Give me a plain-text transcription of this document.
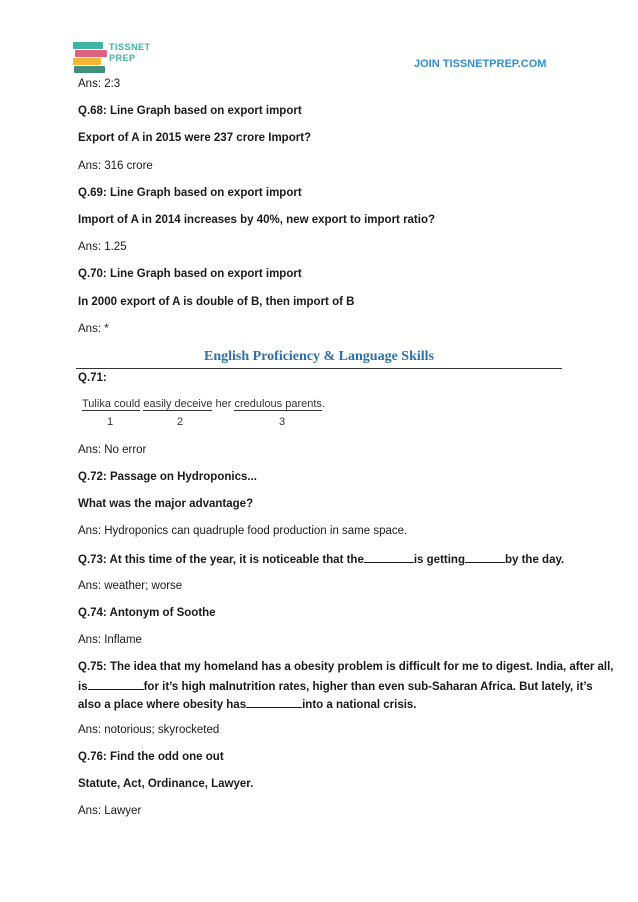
TISSNET
PREP	JOIN TISSNETPREP.COM
Ans: 2:3
Q.68: Line Graph based on export import
Export of A in 2015 were 237 crore Import?
Ans: 316 crore
Q.69: Line Graph based on export import
Import of A in 2014 increases by 40%, new export to import ratio?
Ans: 1.25
Q.70: Line Graph based on export import
In 2000 export of A is double of B, then import of B
Ans: *
English Proficiency & Language Skills
Q.71:
Tulika could easily deceive her credulous parents.
1	2	3
Ans: No error
Q.72: Passage on Hydroponics...
What was the major advantage?
Ans: Hydroponics can quadruple food production in same space.
Q.73: At this time of the year, it is noticeable that the	is getting	by the day.
Ans: weather; worse
Q.74: Antonym of Soothe
Ans: Inflame
Q.75: The idea that my homeland has a obesity problem is difficult for me to digest. India, after all,
is	for it’s high malnutrition rates, higher than even sub-Saharan Africa. But lately, it’s
also a place where obesity has	into a national crisis.
Ans: notorious; skyrocketed
Q.76: Find the odd one out
Statute, Act, Ordinance, Lawyer.
Ans: Lawyer
